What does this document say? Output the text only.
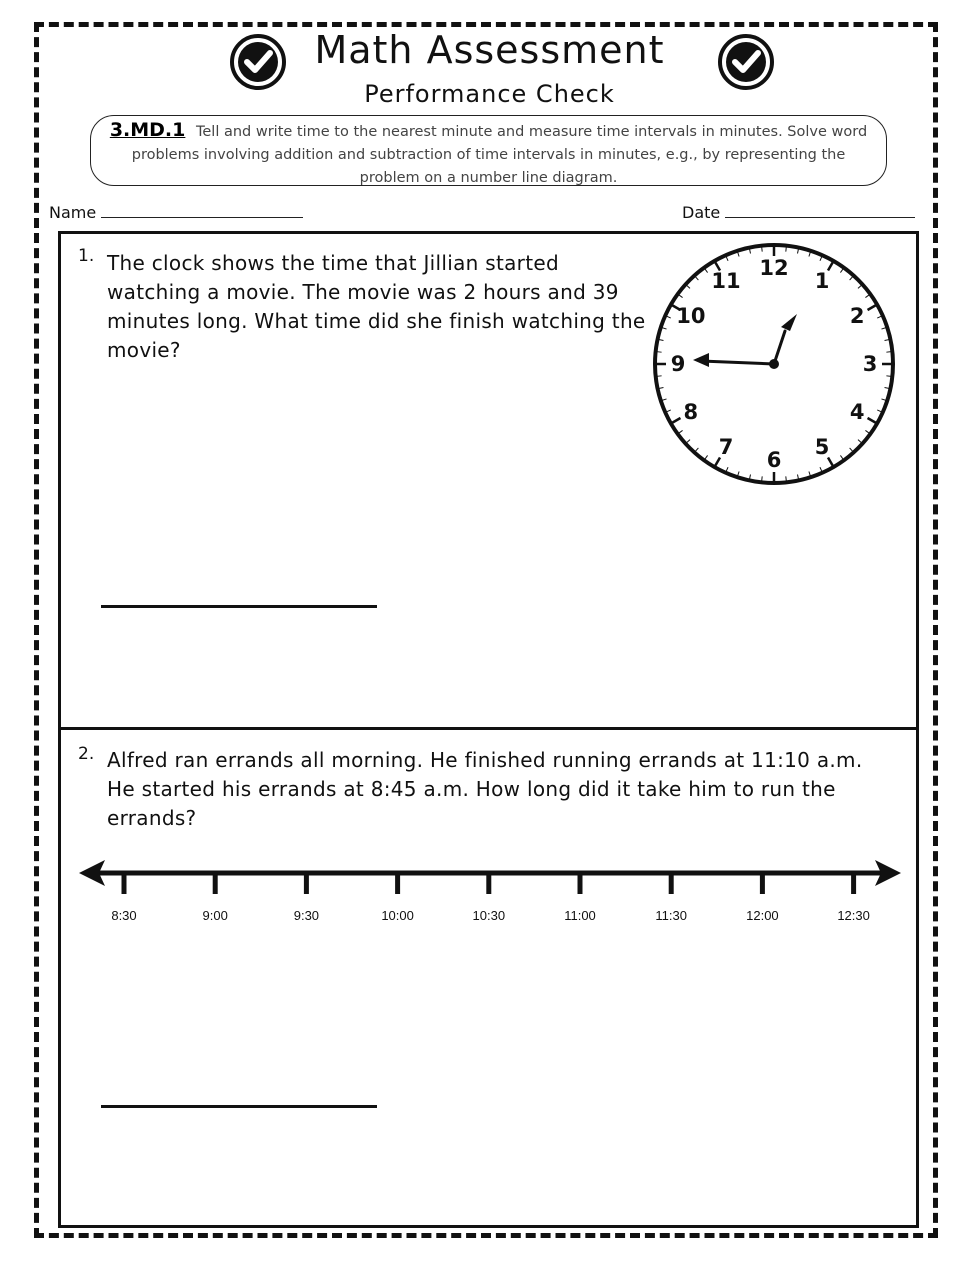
Math Assessment
Performance Check
3.MD.1 Tell and write time to the nearest minute and measure time intervals in minutes. Solve word problems involving addition and subtraction of time intervals in minutes, e.g., by representing the problem on a number line diagram.
Name	Date
1. The clock shows the time that Jillian started watching a movie. The movie was 2 hours and 39 minutes long. What time did she finish watching the movie?
12
1
2
3
4
5
6
7
8
9
10
11
2. Alfred ran errands all morning. He finished running errands at 11:10 a.m. He started his errands at 8:45 a.m. How long did it take him to run the errands?
8:30	9:00	9:30	10:00	10:30	11:00	11:30	12:00	12:30
